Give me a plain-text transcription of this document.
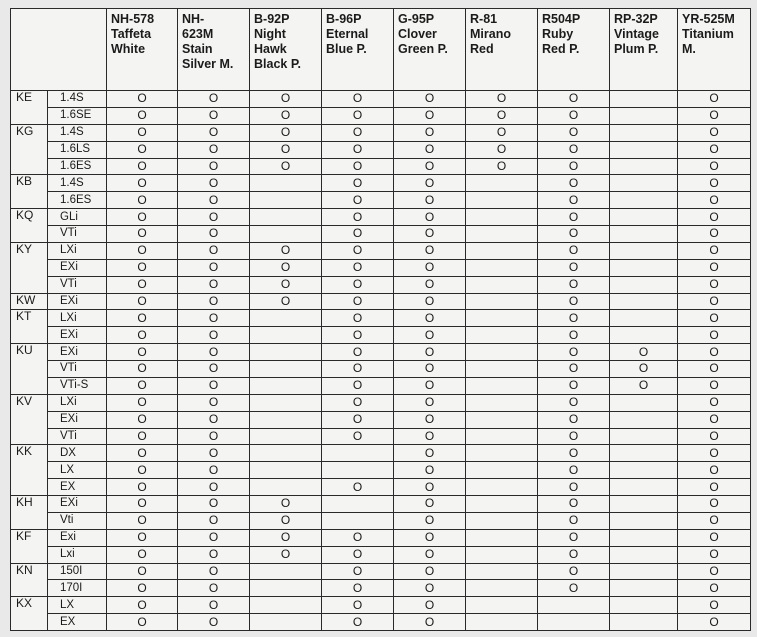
		NH-578
Taffeta
White	NH-
623M
Stain
Silver M.	B-92P
Night
Hawk
Black P.	B-96P
Eternal
Blue P.	G-95P
Clover
Green P.	R-81
Mirano
Red	R504P
Ruby
Red P.	RP-32P
Vintage
Plum P.	YR-525M
Titanium
M.

KE	1.4S	O	O	O	O	O	O	O		O
	1.6SE	O	O	O	O	O	O	O		O
KG	1.4S	O	O	O	O	O	O	O		O
	1.6LS	O	O	O	O	O	O	O		O
	1.6ES	O	O	O	O	O	O	O		O
KB	1.4S	O	O		O	O		O		O
	1.6ES	O	O		O	O		O		O
KQ	GLi	O	O		O	O		O		O
	VTi	O	O		O	O		O		O
KY	LXi	O	O	O	O	O		O		O
	EXi	O	O	O	O	O		O		O
	VTi	O	O	O	O	O		O		O
KW	EXi	O	O	O	O	O		O		O
KT	LXi	O	O		O	O		O		O
	EXi	O	O		O	O		O		O
KU	EXi	O	O		O	O		O	O	O
	VTi	O	O		O	O		O	O	O
	VTi-S	O	O		O	O		O	O	O
KV	LXi	O	O		O	O		O		O
	EXi	O	O		O	O		O		O
	VTi	O	O		O	O		O		O
KK	DX	O	O			O		O		O
	LX	O	O			O		O		O
	EX	O	O		O	O		O		O
KH	EXi	O	O	O		O		O		O
	Vti	O	O	O		O		O		O
KF	Exi	O	O	O	O	O		O		O
	Lxi	O	O	O	O	O		O		O
KN	150I	O	O		O	O		O		O
	170I	O	O		O	O		O		O
KX	LX	O	O		O	O				O
	EX	O	O		O	O				O
